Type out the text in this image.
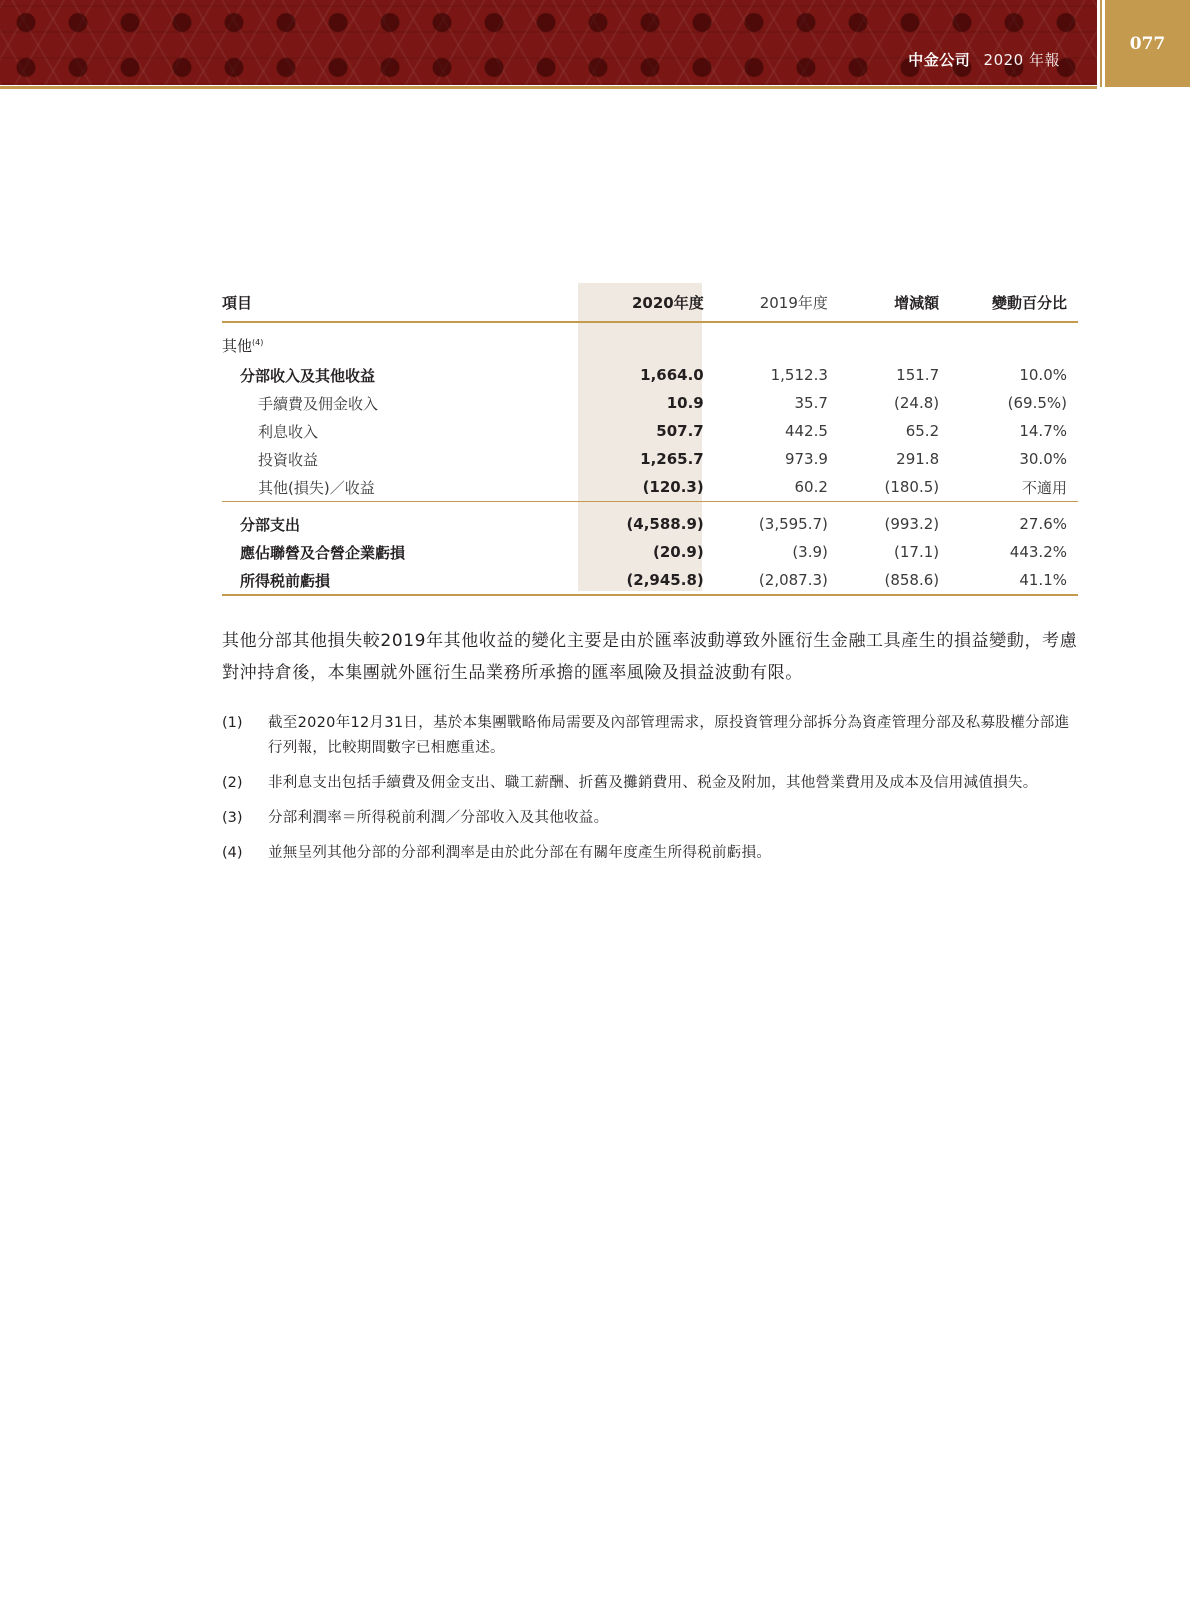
中金公司 2020 年報
077
項目	2020年度	2019年度	增減額	變動百分比
其他$^{(4)}$				
分部收入及其他收益	1,664.0	1,512.3	151.7	10.0%
手續費及佣金收入	10.9	35.7	(24.8)	(69.5%)
利息收入	507.7	442.5	65.2	14.7%
投資收益	1,265.7	973.9	291.8	30.0%
其他(損失)／收益	(120.3)	60.2	(180.5)	不適用
分部支出	(4,588.9)	(3,595.7)	(993.2)	27.6%
應佔聯營及合營企業虧損	(20.9)	(3.9)	(17.1)	443.2%
所得税前虧損	(2,945.8)	(2,087.3)	(858.6)	41.1%
其他分部其他損失較2019年其他收益的變化主要是由於匯率波動導致外匯衍生金融工具產生的損益變動，考慮對沖持倉後，本集團就外匯衍生品業務所承擔的匯率風險及損益波動有限。
(1)	截至2020年12月31日，基於本集團戰略佈局需要及內部管理需求，原投資管理分部拆分為資產管理分部及私募股權分部進行列報，比較期間數字已相應重述。
(2)	非利息支出包括手續費及佣金支出、職工薪酬、折舊及攤銷費用、税金及附加，其他營業費用及成本及信用減值損失。
(3)	分部利潤率＝所得税前利潤／分部收入及其他收益。
(4)	並無呈列其他分部的分部利潤率是由於此分部在有關年度產生所得税前虧損。
